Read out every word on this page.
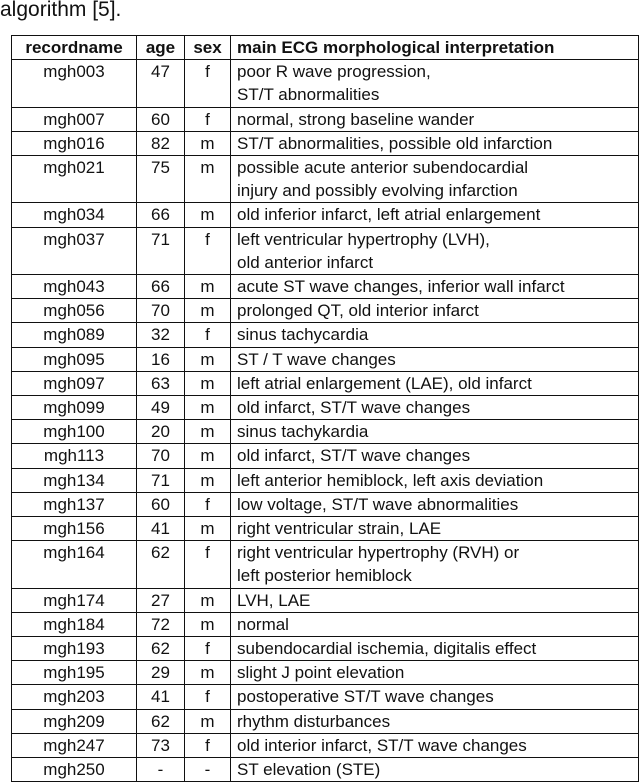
algorithm [5].
recordname	age	sex	main ECG morphological interpretation
mgh003	47	f	poor R wave progression,
ST/T abnormalities

mgh007	60	f	normal, strong baseline wander

mgh016	82	m	ST/T abnormalities, possible old infarction

mgh021	75	m	possible acute anterior subendocardial
injury and possibly evolving infarction

mgh034	66	m	old inferior infarct, left atrial enlargement

mgh037	71	f	left ventricular hypertrophy (LVH),
old anterior infarct

mgh043	66	m	acute ST wave changes, inferior wall infarct

mgh056	70	m	prolonged QT, old interior infarct

mgh089	32	f	sinus tachycardia

mgh095	16	m	ST / T wave changes

mgh097	63	m	left atrial enlargement (LAE), old infarct

mgh099	49	m	old infarct, ST/T wave changes

mgh100	20	m	sinus tachykardia

mgh113	70	m	old infarct, ST/T wave changes

mgh134	71	m	left anterior hemiblock, left axis deviation

mgh137	60	f	low voltage, ST/T wave abnormalities

mgh156	41	m	right ventricular strain, LAE

mgh164	62	f	right ventricular hypertrophy (RVH) or
left posterior hemiblock

mgh174	27	m	LVH, LAE

mgh184	72	m	normal

mgh193	62	f	subendocardial ischemia, digitalis effect

mgh195	29	m	slight J point elevation

mgh203	41	f	postoperative ST/T wave changes

mgh209	62	m	rhythm disturbances

mgh247	73	f	old interior infarct, ST/T wave changes

mgh250	-	-	ST elevation (STE)
